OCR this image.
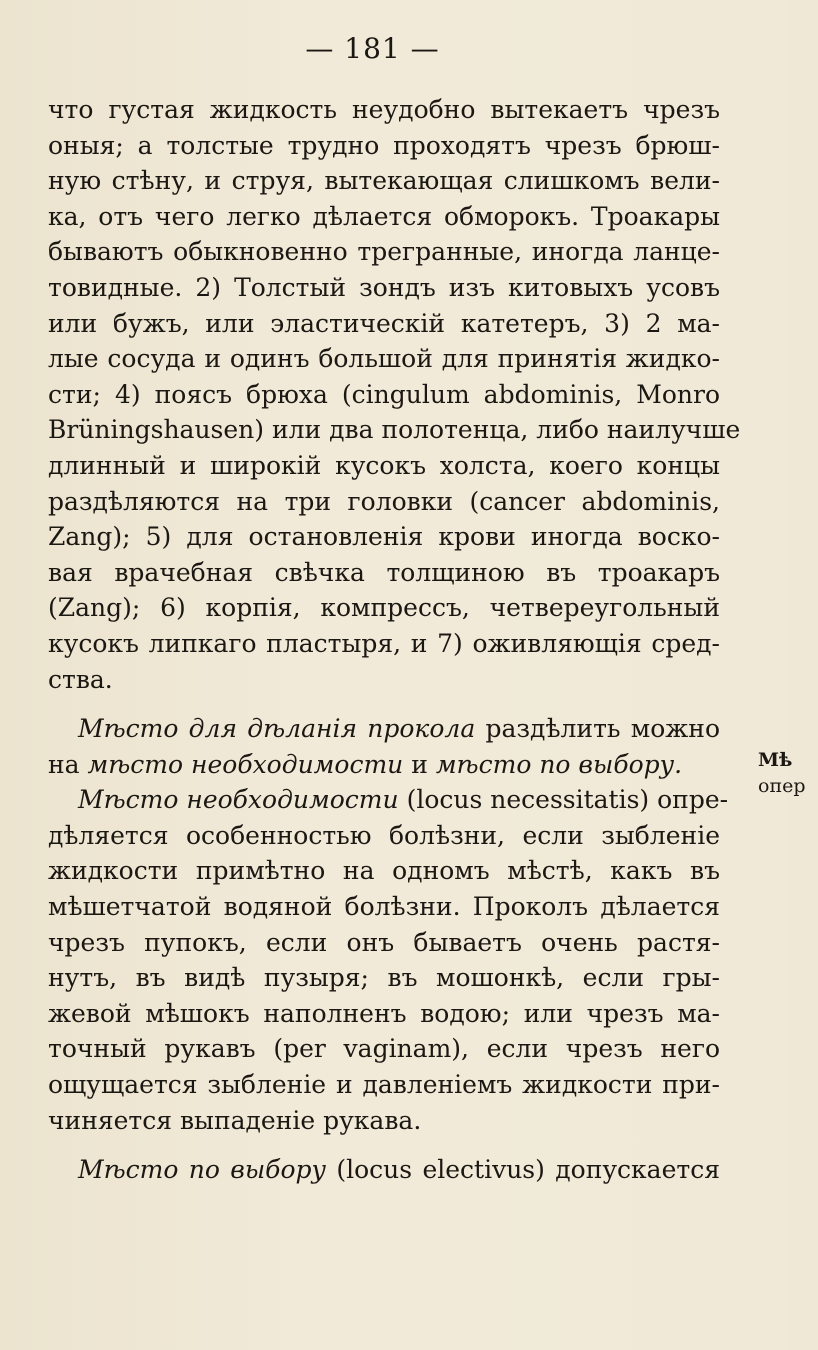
— 181 —
Мѣ
опер
что густая жидкость неудобно вытекаетъ чрезъ
оныя; а толстые трудно проходятъ чрезъ брюш-
ную стѣну, и струя, вытекающая слишкомъ вели-
ка, отъ чего легко дѣлается обморокъ. Троакары
бываютъ обыкновенно трегранные, иногда ланце-
товидные. 2) Толстый зондъ изъ китовыхъ усовъ
или бужъ, или эластическій катетеръ, 3) 2 ма-
лые сосуда и одинъ большой для принятія жидко-
сти; 4) поясъ брюха (cingulum abdominis, Monro
Brüningshausen) или два полотенца, либо наилучше
длинный и широкій кусокъ холста, коего концы
раздѣляются на три головки (cancer abdominis,
Zang); 5) для остановленія крови иногда воско-
вая врачебная свѣчка толщиною въ троакаръ
(Zang); 6) корпія, компрессъ, четвереугольный
кусокъ липкаго пластыря, и 7) оживляющія сред-
ства.
Мѣсто для дѣланія прокола раздѣлить можно
на мѣсто необходимости и мѣсто по выбору.
Мѣсто необходимости (locus necessitatis) опре-
дѣляется особенностью болѣзни, если зыбленіе
жидкости примѣтно на одномъ мѣстѣ, какъ въ
мѣшетчатой водяной болѣзни. Проколъ дѣлается
чрезъ пупокъ, если онъ бываетъ очень растя-
нутъ, въ видѣ пузыря; въ мошонкѣ, если гры-
жевой мѣшокъ наполненъ водою; или чрезъ ма-
точный рукавъ (per vaginam), если чрезъ него
ощущается зыбленіе и давленіемъ жидкости при-
чиняется выпаденіе рукава.
Мѣсто по выбору (locus electivus) допускается
